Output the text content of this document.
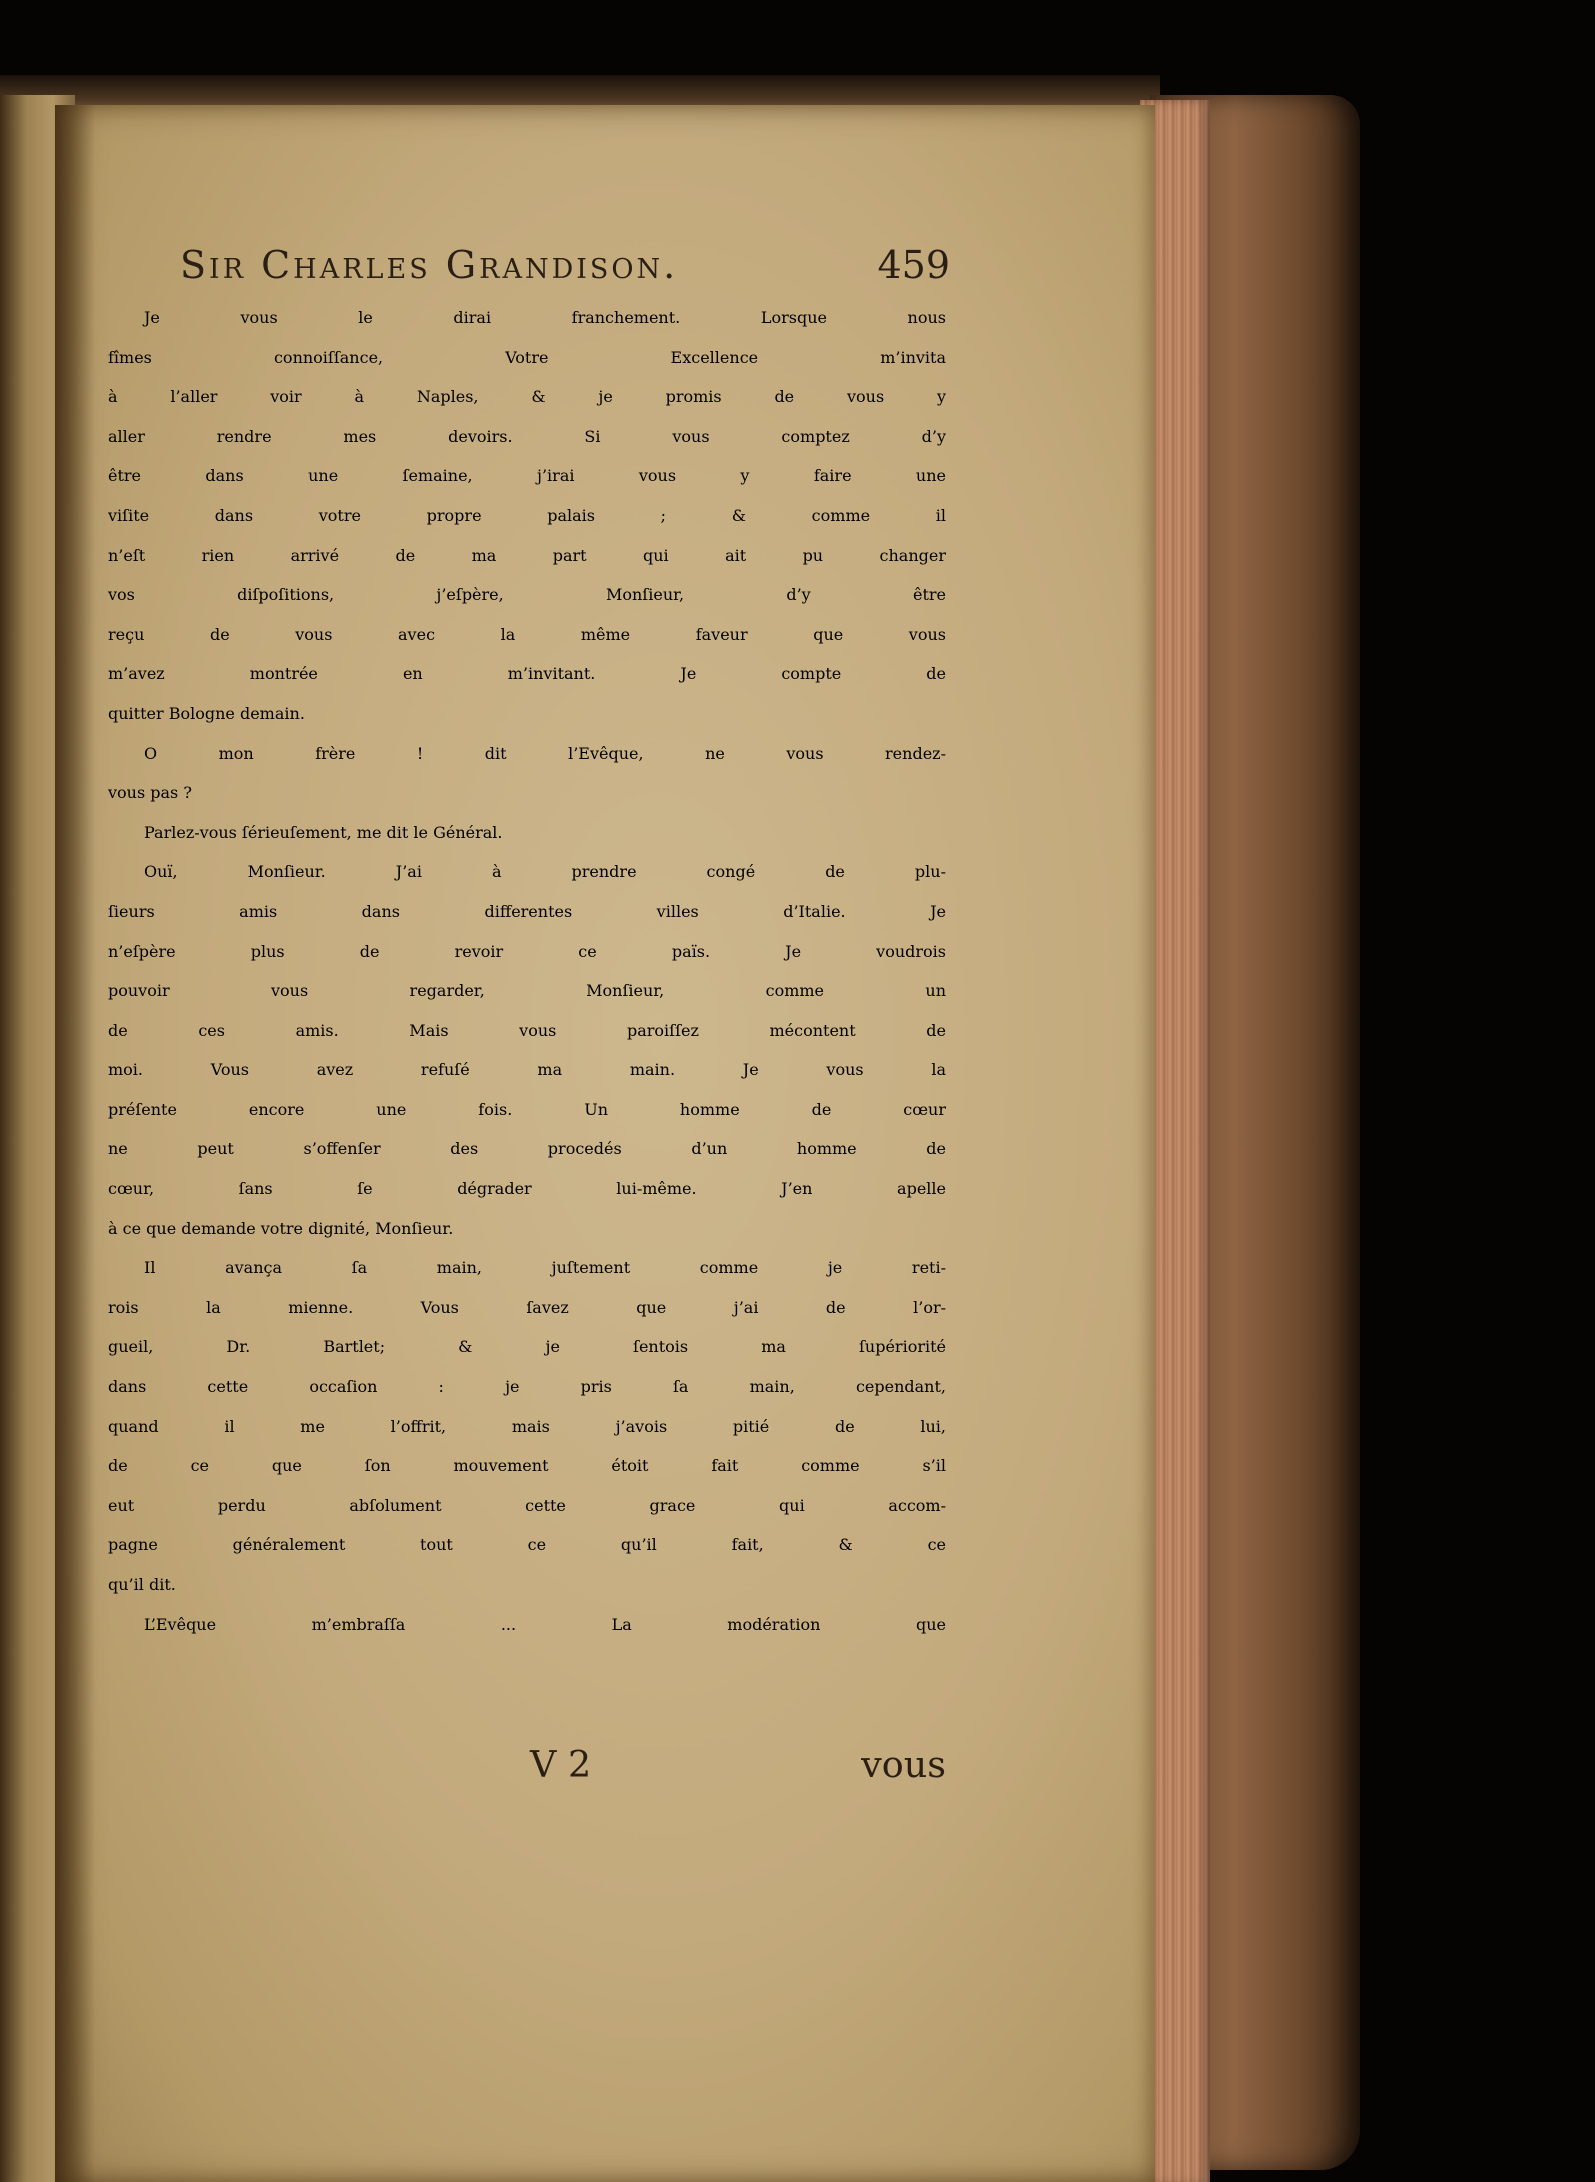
Sir Charles Grandison.	459
Je vous le dirai franchement. Lorsque nous
fîmes connoiſſance, Votre Excellence m’invita
à l’aller voir à Naples, & je promis de vous y
aller rendre mes devoirs. Si vous comptez d’y
être dans une ſemaine, j’irai vous y faire une
viſite dans votre propre palais ; & comme il
n’eſt rien arrivé de ma part qui ait pu changer
vos diſpoſitions, j’eſpère, Monſieur, d’y être
reçu de vous avec la même faveur que vous
m’avez montrée en m’invitant. Je compte de
quitter Bologne demain.
O mon frère ! dit l’Evêque, ne vous rendez-
vous pas ?
Parlez-vous ſérieuſement, me dit le Général.
Ouï, Monſieur. J’ai à prendre congé de plu-
ſieurs amis dans differentes villes d’Italie. Je
n’eſpère plus de revoir ce païs. Je voudrois
pouvoir vous regarder, Monſieur, comme un
de ces amis. Mais vous paroiſſez mécontent de
moi. Vous avez refuſé ma main. Je vous la
préſente encore une fois. Un homme de cœur
ne peut s’offenſer des procedés d’un homme de
cœur, ſans ſe dégrader lui-même. J’en apelle
à ce que demande votre dignité, Monſieur.
Il avança ſa main, juſtement comme je reti-
rois la mienne. Vous ſavez que j’ai de l’or-
gueil, Dr. Bartlet; & je ſentois ma ſupériorité
dans cette occaſion : je pris ſa main, cependant,
quand il me l’offrit, mais j’avois pitié de lui,
de ce que ſon mouvement étoit fait comme s’il
eut perdu abſolument cette grace qui accom-
pagne généralement tout ce qu’il fait, & ce
qu’il dit.
L’Evêque m’embraſſa ... La modération que
V 2	vous
